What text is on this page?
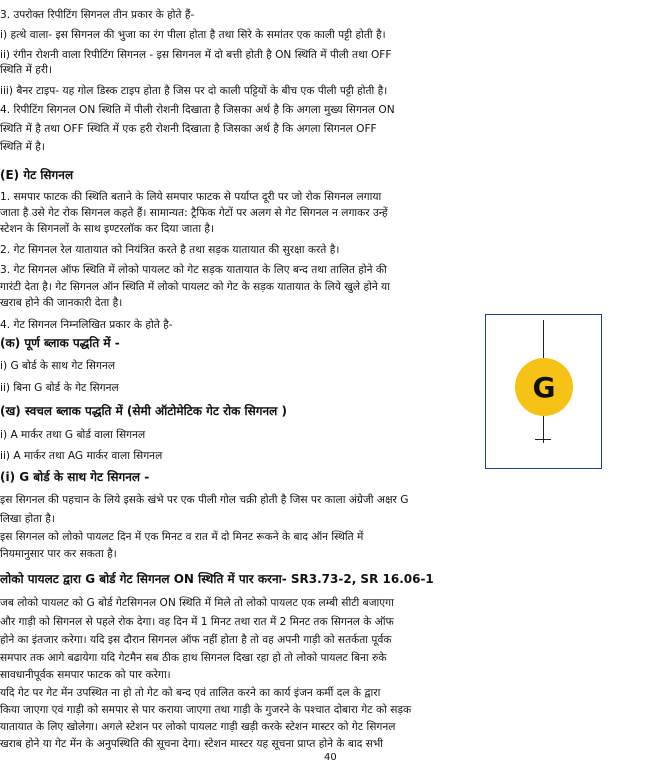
3. उपरोक्त रिपीटिंग सिगनल तीन प्रकार के होते हैं-
i) हत्थे वाला- इस सिगनल की भुजा का रंग पीला होता है तथा सिरे के समांतर एक काली पट्टी होती है।
ii) रंगीन रोशनी वाला रिपीटिंग सिगनल - इस सिगनल में दो बत्ती होती है ON स्थिति में पीली तथा OFF
स्थिति में हरी।
iii) बैनर टाइप- यह गोल डिस्क टाइप होता है जिस पर दो काली पट्टियों के बीच एक पीली पट्टी होती है।
4. रिपीटिंग सिगनल ON स्थिति में पीली रोशनी दिखाता है जिसका अर्थ है कि अगला मुख्य सिगनल ON
स्थिति में है तथा OFF स्थिति में एक हरी रोशनी दिखाता है जिसका अर्थ है कि अगला सिगनल OFF
स्थिति में है।
(E) गेट सिगनल
1. समपार फाटक की स्थिति बताने के लिये समपार फाटक से पर्याप्त दूरी पर जो रोक सिगनल लगाया
जाता है उसे गेट रोक सिगनल कहते हैं। सामान्यत: ट्रैफिक गेटों पर अलग से गेट सिगनल न लगाकर उन्हें
स्टेशन के सिगनलों के साथ इण्टरलॉक कर दिया जाता है।
2. गेट सिगनल रेल यातायात को नियंत्रित करते है तथा सड़क यातायात की सुरक्षा करते है।
3. गेट सिगनल ऑफ स्थिति में लोको पायलट को गेट सड़क यातायात के लिए बन्द तथा तालित होने की
गारंटी देता है। गेट सिगनल ऑन स्थिति में लोको पायलट को गेट के सड़क यातायात के लिये खुले होने या
खराब होने की जानकारी देता है।
4. गेट सिगनल निम्नलिखित प्रकार के होते है-
(क) पूर्ण ब्लाक पद्धति में -
i) G बोर्ड के साथ गेट सिगनल
ii) बिना G बोर्ड के गेट सिगनल
(ख) स्वचल ब्लाक पद्धति में (सेमी ऑटोमेटिक गेट रोक सिगनल )
i) A मार्कर तथा G बोर्ड वाला सिगनल
ii) A मार्कर तथा AG मार्कर वाला सिगनल
(i) G बोर्ड के साथ गेट सिगनल -
इस सिगनल की पहचान के लिये इसके खंभे पर एक पीली गोल चक्री होती है जिस पर काला अंग्रेजी अक्षर G
लिखा होता है।
इस सिगनल को लोको पायलट दिन में एक मिनट व रात में दो मिनट रूकने के बाद ऑन स्थिति में
नियमानुसार पार कर सकता है।
लोको पायलट द्वारा G बोर्ड गेट सिगनल ON स्थिति में पार करना- SR3.73-2, SR 16.06-1
जब लोको पायलट को G बोर्ड गेटसिगनल ON स्थिति में मिले तो लोको पायलट एक लम्बी सीटी बजाएगा
और गाड़ी को सिगनल से पहले रोक देगा। वह दिन में 1 मिनट तथा रात में 2 मिनट तक सिगनल के ऑफ
होने का इंतजार करेगा। यदि इस दौरान सिगनल ऑफ नहीं होता है तो वह अपनी गाड़ी को सतर्कता पूर्वक
समपार तक आगे बढायेगा यदि गेटमैन सब ठीक हाथ सिगनल दिखा रहा हो तो लोको पायलट बिना रुके
सावधानीपूर्वक समपार फाटक को पार करेगा।
यदि गेट पर गेट मेंन उपस्थित ना हो तो गेट को बन्द एवं तालित करने का कार्य इंजन कर्मी दल के द्वारा
किया जाएगा एवं गाड़ी को समपार से पार कराया जाएगा तथा गाड़ी के गुजरने के पश्चात दोबारा गेट को सड़क
यातायात के लिए खोलेगा। अगले स्टेशन पर लोको पायलट गाड़ी खड़ी करके स्टेशन मास्टर को गेट सिगनल
खराब होने या गेट मेंन के अनुपस्थिति की सूचना देगा। स्टेशन मास्टर यह सूचना प्राप्त होने के बाद सभी
G
40
